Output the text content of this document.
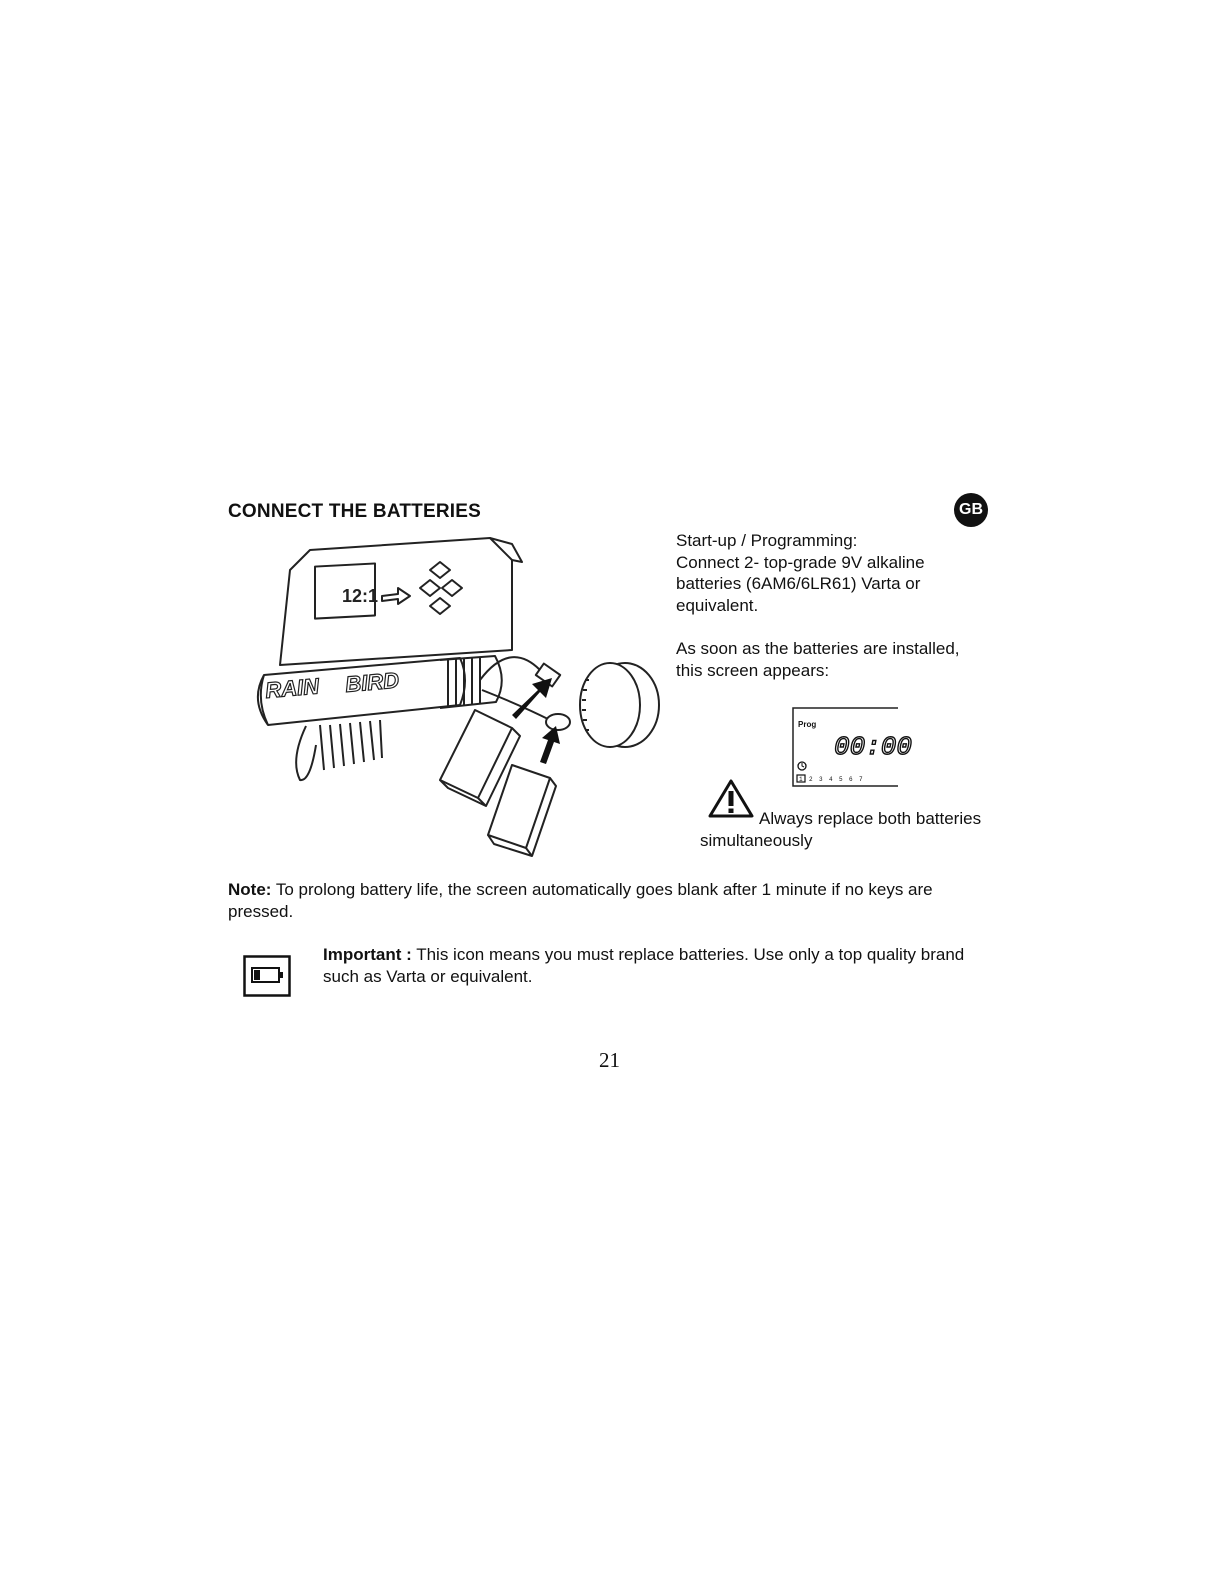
CONNECT THE BATTERIES	GB
12:1
RAIN BIRD

Start-up / Programming:

Connect 2- top-grade 9V alkaline batteries (6AM6/6LR61) Varta or equivalent.

As soon as the batteries are installed, this screen appears:

Prog
00:00
1 2 3 4 5 6 7
Always replace both batteries
simultaneously
Note: To prolong battery life, the screen automatically goes blank after 1 minute if no keys are pressed.
Important : This icon means you must replace batteries. Use only a top quality brand such as Varta or equivalent.
21
